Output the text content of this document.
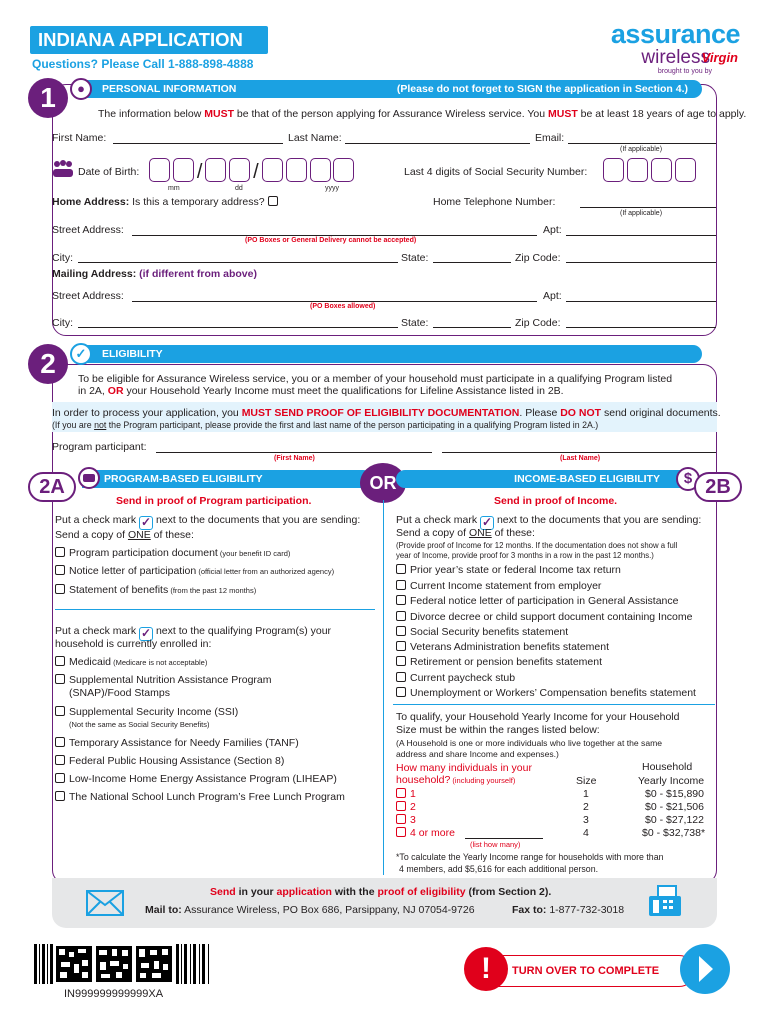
INDIANA APPLICATION
Questions? Please Call 1-888-898-4888
assurance
wireless
brought to you by
Virgin
PERSONAL INFORMATION	(Please do not forget to SIGN the application in Section 4.)
●
1
The information below MUST be that of the person applying for Assurance Wireless service. You MUST be at least 18 years of age to apply.
First Name:	Last Name:	Email:
(If applicable)
Date of Birth:	/	/
mm	dd	yyyy
Last 4 digits of Social Security Number:

Home Address: Is this a temporary address?	Home Telephone Number:
(If applicable)
Street Address:	Apt:
(PO Boxes or General Delivery cannot be accepted)
City:	State:	Zip Code:
Mailing Address: (if different from above)
Street Address:	Apt:
(PO Boxes allowed)
City:	State:	Zip Code:
ELIGIBILITY
✓
2	To be eligible for Assurance Wireless service, you or a member of your household must participate in a qualifying Program listed
in 2A, OR your Household Yearly Income must meet the qualifications for Lifeline Assistance listed in 2B.
In order to process your application, you MUST SEND PROOF OF ELIGIBILITY DOCUMENTATION. Please DO NOT send original documents.
(If you are not the Program participant, please provide the first and last name of the person participating in a qualifying Program listed in 2A.)
Program participant:
(First Name)	(Last Name)
PROGRAM-BASED ELIGIBILITY
2A	OR	INCOME-BASED ELIGIBILITY	$ 2B
Send in proof of Program participation.
Put a check mark ✓ next to the documents that you are sending:
Send a copy of ONE of these:
Program participation document (your benefit ID card)
Notice letter of participation (official letter from an authorized agency)
Statement of benefits (from the past 12 months)
Put a check mark ✓ next to the qualifying Program(s) your
household is currently enrolled in:
Medicaid (Medicare is not acceptable)
Supplemental Nutrition Assistance Program
(SNAP)/Food Stamps
Supplemental Security Income (SSI)
(Not the same as Social Security Benefits)
Temporary Assistance for Needy Families (TANF)
Federal Public Housing Assistance (Section 8)
Low-Income Home Energy Assistance Program (LIHEAP)
The National School Lunch Program’s Free Lunch Program
Send in proof of Income.
Put a check mark ✓ next to the documents that you are sending:
Send a copy of ONE of these:
(Provide proof of Income for 12 months. If the documentation does not show a full
year of Income, provide proof for 3 months in a row in the past 12 months.)
Prior year’s state or federal Income tax return
Current Income statement from employer
Federal notice letter of participation in General Assistance
Divorce decree or child support document containing Income
Social Security benefits statement
Veterans Administration benefits statement
Retirement or pension benefits statement
Current paycheck stub
Unemployment or Workers’ Compensation benefits statement
To qualify, your Household Yearly Income for your Household
Size must be within the ranges listed below:
(A Household is one or more individuals who live together at the same
address and share Income and expenses.)
How many individuals in your
household? (including yourself)
Household
Size	Yearly Income
1	1	$0 - $15,890
2	2	$0 - $21,506
3	3	$0 - $27,122
4 or more	4	$0 - $32,738*
(list how many)
*To calculate the Yearly Income range for households with more than
4 members, add $5,616 for each additional person.
Send in your application with the proof of eligibility (from Section 2).
Mail to: Assurance Wireless, PO Box 686, Parsippany, NJ 07054-9726	Fax to: 1-877-732-3018
IN999999999999XA
!	TURN OVER TO COMPLETE
